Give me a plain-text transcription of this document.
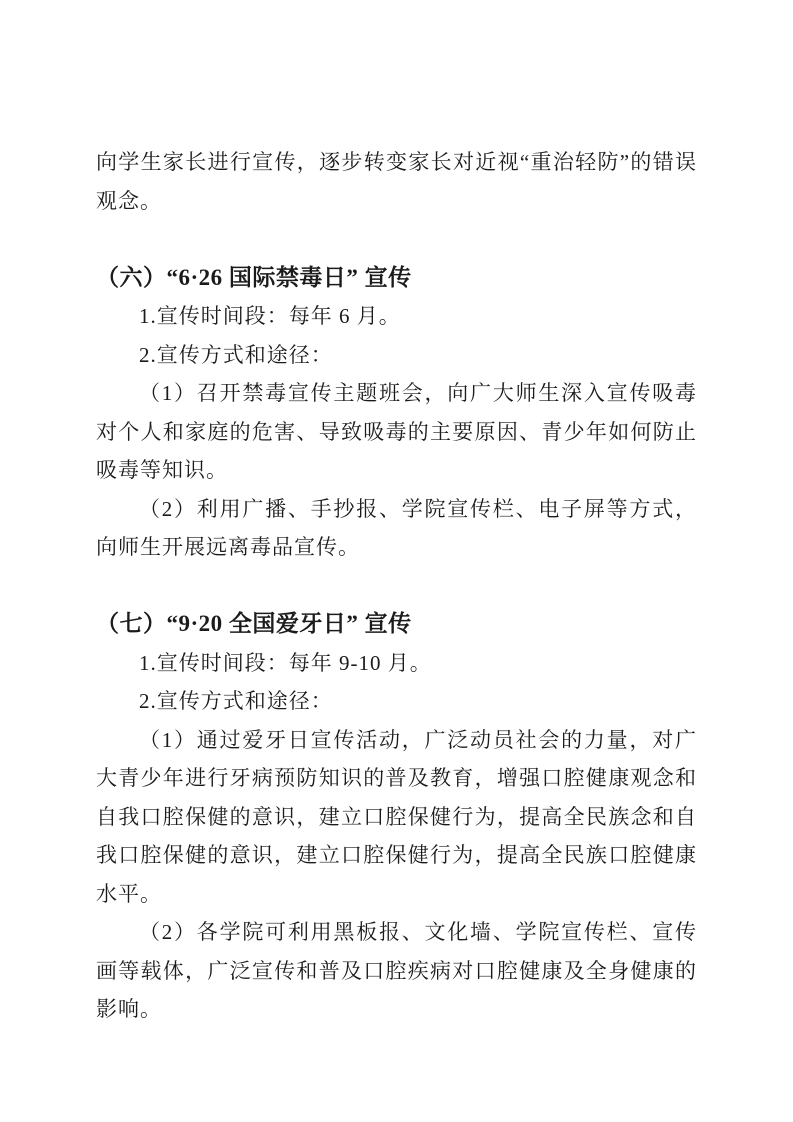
向学生家长进行宣传，逐步转变家长对近视“重治轻防”的错误观念。

（六）“6·26 国际禁毒日” 宣传

1.宣传时间段：每年 6 月。

2.宣传方式和途径：

（1）召开禁毒宣传主题班会，向广大师生深入宣传吸毒对个人和家庭的危害、导致吸毒的主要原因、青少年如何防止吸毒等知识。

（2）利用广播、手抄报、学院宣传栏、电子屏等方式，向师生开展远离毒品宣传。

（七）“9·20 全国爱牙日” 宣传

1.宣传时间段：每年 9-10 月。

2.宣传方式和途径：

（1）通过爱牙日宣传活动，广泛动员社会的力量，对广大青少年进行牙病预防知识的普及教育，增强口腔健康观念和自我口腔保健的意识，建立口腔保健行为，提高全民族念和自我口腔保健的意识，建立口腔保健行为，提高全民族口腔健康水平。

（2）各学院可利用黑板报、文化墙、学院宣传栏、宣传画等载体，广泛宣传和普及口腔疾病对口腔健康及全身健康的影响。
